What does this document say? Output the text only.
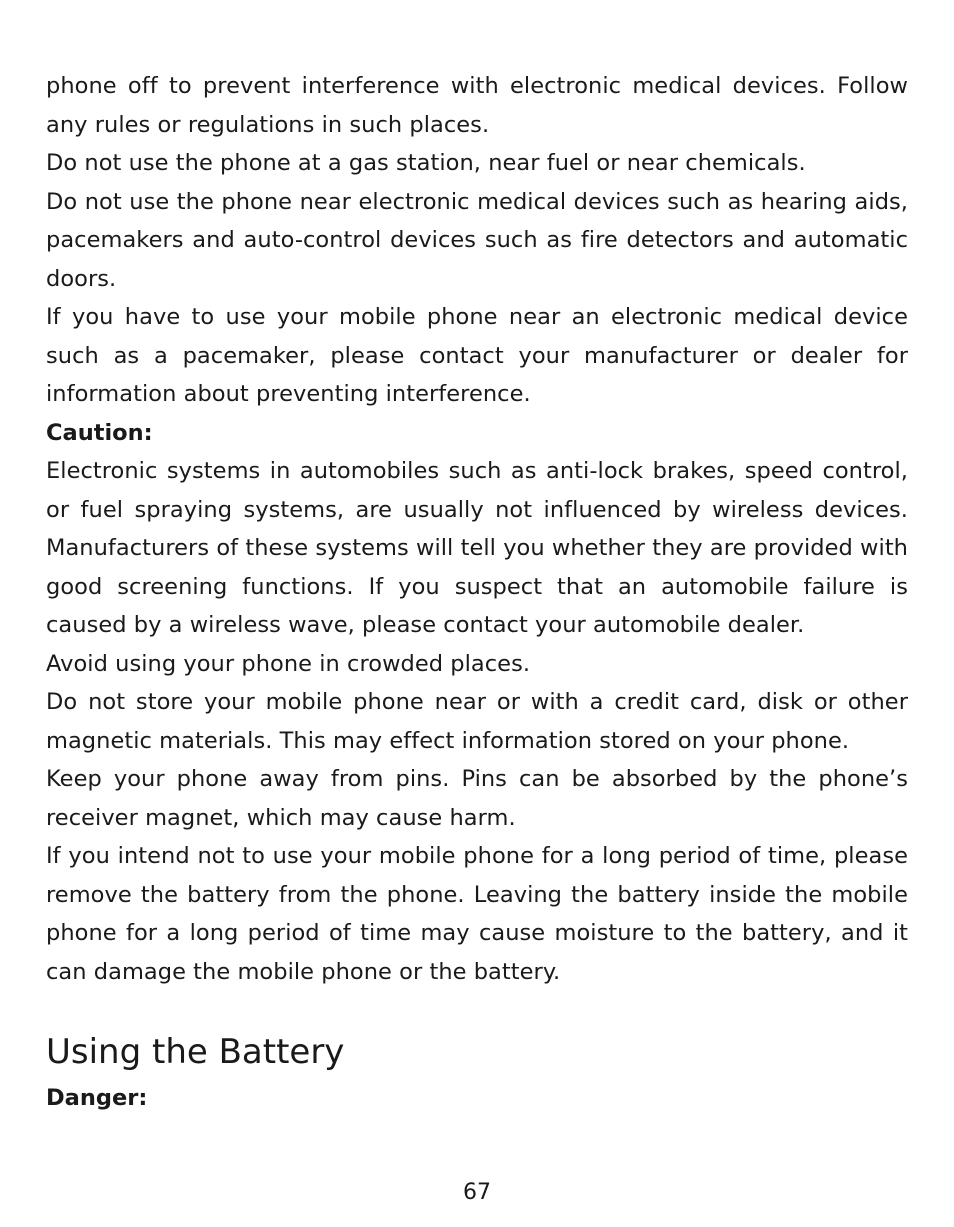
phone off to prevent interference with electronic medical devices. Follow any rules or regulations in such places.

Do not use the phone at a gas station, near fuel or near chemicals.

Do not use the phone near electronic medical devices such as hearing aids, pacemakers and auto-control devices such as fire detectors and automatic doors.

If you have to use your mobile phone near an electronic medical device such as a pacemaker, please contact your manufacturer or dealer for information about preventing interference.

Caution:

Electronic systems in automobiles such as anti-lock brakes, speed control, or fuel spraying systems, are usually not influenced by wireless devices. Manufacturers of these systems will tell you whether they are provided with good screening functions. If you suspect that an automobile failure is caused by a wireless wave, please contact your automobile dealer.

Avoid using your phone in crowded places.

Do not store your mobile phone near or with a credit card, disk or other magnetic materials. This may effect information stored on your phone.

Keep your phone away from pins. Pins can be absorbed by the phone’s receiver magnet, which may cause harm.

If you intend not to use your mobile phone for a long period of time, please remove the battery from the phone. Leaving the battery inside the mobile phone for a long period of time may cause moisture to the battery, and it can damage the mobile phone or the battery.

Using the Battery

Danger:

67
